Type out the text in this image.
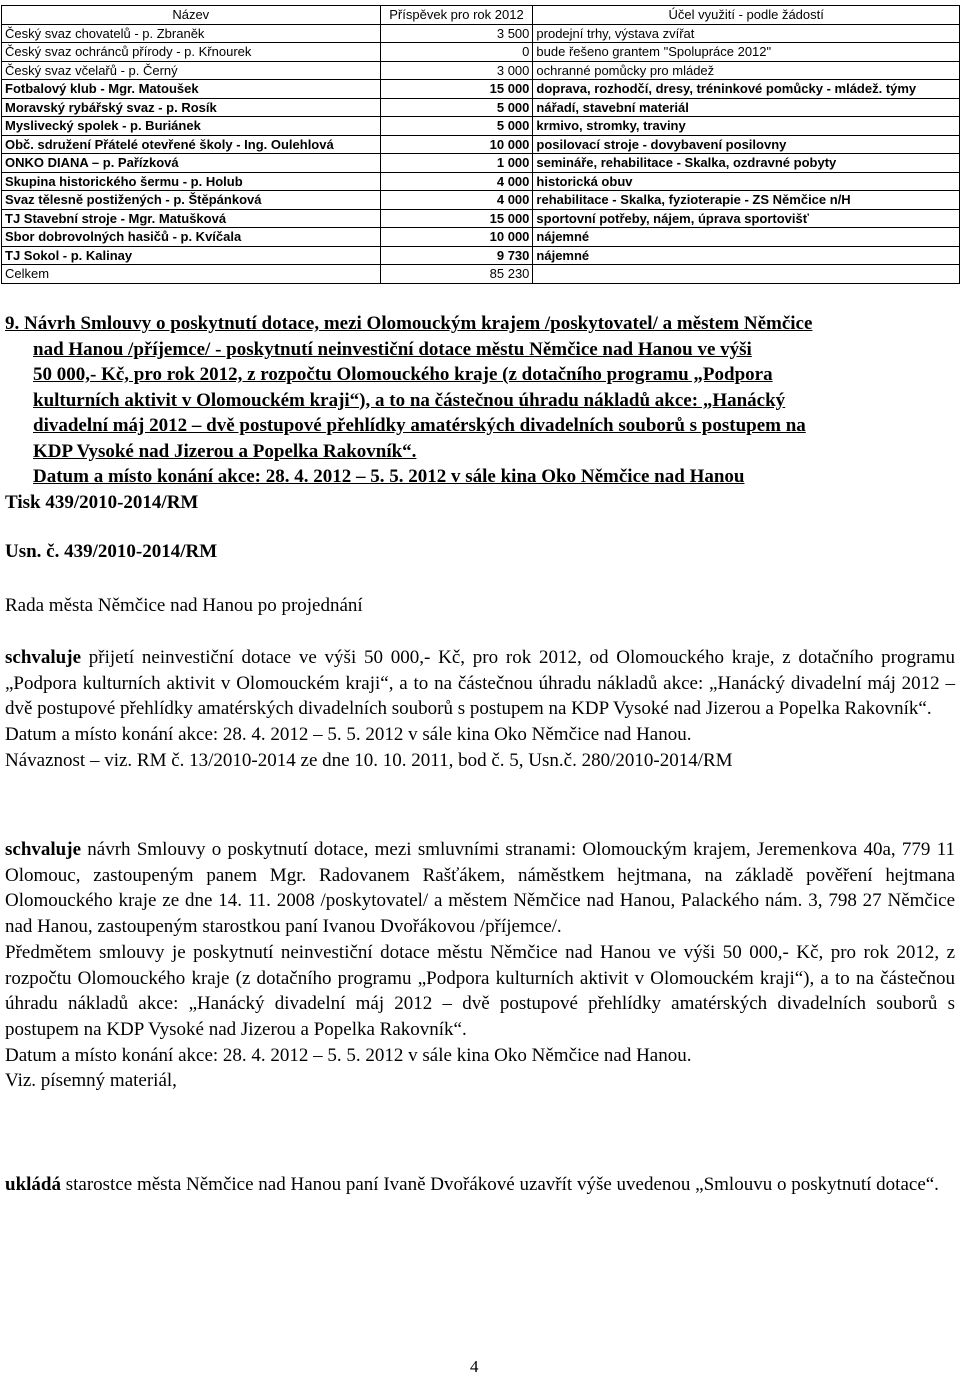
Název	Příspěvek pro rok 2012	Účel využití - podle žádostí
Český svaz chovatelů - p. Zbraněk	3 500	prodejní trhy, výstava zvířat
Český svaz ochránců přírody - p. Křnourek	0	bude řešeno grantem "Spolupráce 2012"
Český svaz včelařů - p. Černý	3 000	ochranné pomůcky pro mládež
Fotbalový klub - Mgr. Matoušek	15 000	doprava, rozhodčí, dresy, tréninkové pomůcky - mládež. týmy
Moravský rybářský svaz - p. Rosík	5 000	nářadí, stavební materiál
Myslivecký spolek - p. Buriánek	5 000	krmivo, stromky, traviny
Obč. sdružení Přátelé otevřené školy - Ing. Oulehlová	10 000	posilovací stroje - dovybavení posilovny
ONKO DIANA – p. Pařízková	1 000	semináře, rehabilitace - Skalka, ozdravné pobyty
Skupina historického šermu - p. Holub	4 000	historická obuv
Svaz tělesně postižených - p. Štěpánková	4 000	rehabilitace - Skalka, fyzioterapie - ZS Němčice n/H
TJ Stavební stroje - Mgr. Matušková	15 000	sportovní potřeby, nájem, úprava sportovišť
Sbor dobrovolných hasičů - p. Kvíčala	10 000	nájemné
TJ Sokol - p. Kalinay	9 730	nájemné
Celkem	85 230	
9. Návrh Smlouvy o poskytnutí dotace, mezi Olomouckým krajem /poskytovatel/ a městem Němčice
nad Hanou /příjemce/ - poskytnutí neinvestiční dotace městu Němčice nad Hanou ve výši
50 000,- Kč, pro rok 2012, z rozpočtu Olomouckého kraje (z dotačního programu „Podpora
kulturních aktivit v Olomouckém kraji“), a to na částečnou úhradu nákladů akce: „Hanácký
divadelní máj 2012 – dvě postupové přehlídky amatérských divadelních souborů s postupem na
KDP Vysoké nad Jizerou a Popelka Rakovník“.
Datum a místo konání akce: 28. 4. 2012 – 5. 5. 2012 v sále kina Oko Němčice nad Hanou
Tisk 439/2010-2014/RM
Usn. č. 439/2010-2014/RM
Rada města Němčice nad Hanou po projednání
schvaluje přijetí neinvestiční dotace ve výši 50 000,- Kč, pro rok 2012, od Olomouckého kraje, z dotačního programu „Podpora kulturních aktivit v Olomouckém kraji“, a to na částečnou úhradu nákladů akce: „Hanácký divadelní máj 2012 – dvě postupové přehlídky amatérských divadelních souborů s postupem na KDP Vysoké nad Jizerou a Popelka Rakovník“.
Datum a místo konání akce: 28. 4. 2012 – 5. 5. 2012 v sále kina Oko Němčice nad Hanou.
Návaznost – viz. RM č. 13/2010-2014 ze dne 10. 10. 2011, bod č. 5, Usn.č. 280/2010-2014/RM
schvaluje návrh Smlouvy o poskytnutí dotace, mezi smluvními stranami: Olomouckým krajem, Jeremenkova 40a, 779 11 Olomouc, zastoupeným panem Mgr. Radovanem Rašťákem, náměstkem hejtmana, na základě pověření hejtmana Olomouckého kraje ze dne 14. 11. 2008 /poskytovatel/ a městem Němčice nad Hanou, Palackého nám. 3, 798 27 Němčice nad Hanou, zastoupeným starostkou paní Ivanou Dvořákovou /příjemce/.
Předmětem smlouvy je poskytnutí neinvestiční dotace městu Němčice nad Hanou ve výši 50 000,- Kč, pro rok 2012, z rozpočtu Olomouckého kraje (z dotačního programu „Podpora kulturních aktivit v Olomouckém kraji“), a to na částečnou úhradu nákladů akce: „Hanácký divadelní máj 2012 – dvě postupové přehlídky amatérských divadelních souborů s postupem na KDP Vysoké nad Jizerou a Popelka Rakovník“.
Datum a místo konání akce: 28. 4. 2012 – 5. 5. 2012 v sále kina Oko Němčice nad Hanou.
Viz. písemný materiál,
ukládá starostce města Němčice nad Hanou paní Ivaně Dvořákové uzavřít výše uvedenou „Smlouvu o poskytnutí dotace“.
4
